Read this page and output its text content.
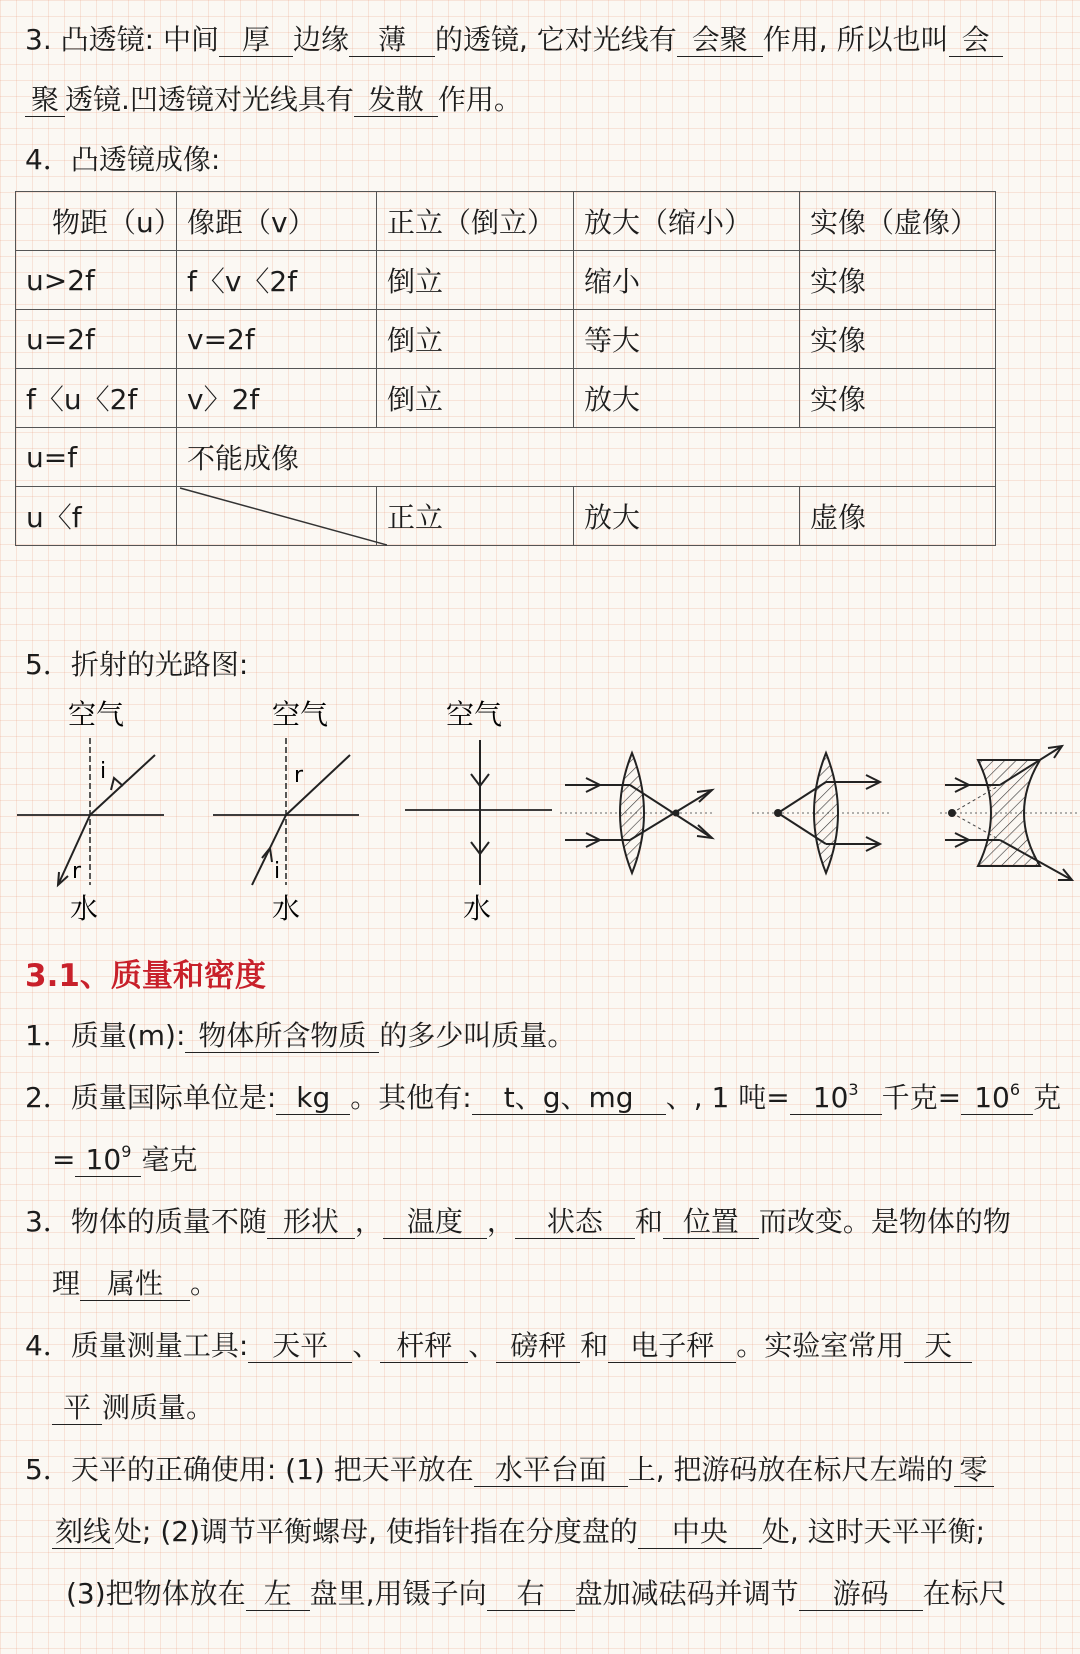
3. 凸透镜: 中间 厚 边缘 薄 的透镜, 它对光线有 会聚 作用, 所以也叫 会
聚 透镜.凹透镜对光线具有 发散 作用。
4．凸透镜成像:
物距（u）	像距（v）	正立（倒立）	放大（缩小）	实像（虚像）
u>2f	f〈v〈2f	倒立	缩小	实像
u=2f	v=2f	倒立	等大	实像
f〈u〈2f	v〉2f	倒立	放大	实像
u=f	不能成像			
u〈f		正立	放大	虚像
5．折射的光路图:
空气
i
r
水
空气
r
i
水
空气
水
3.1、质量和密度
1．质量(m): 物体所含物质 的多少叫质量。
2．质量国际单位是: kg 。其他有: t、g、mg 、, 1 吨= $10^3$ 千克= $10^6$ 克
= $10^9$ 毫克
3．物体的质量不随 形状 ， 温度 ， 状态 和 位置 而改变。是物体的物
理 属性 。
4．质量测量工具: 天平 、 杆秤 、 磅秤 和 电子秤 。实验室常用 天
平 测质量。
5．天平的正确使用: (1) 把天平放在 水平台面 上, 把游码放在标尺左端的 零
刻线 处; (2)调节平衡螺母, 使指针指在分度盘的 中央 处, 这时天平平衡;
(3)把物体放在 左 盘里,用镊子向 右 盘加减砝码并调节 游码 在标尺
